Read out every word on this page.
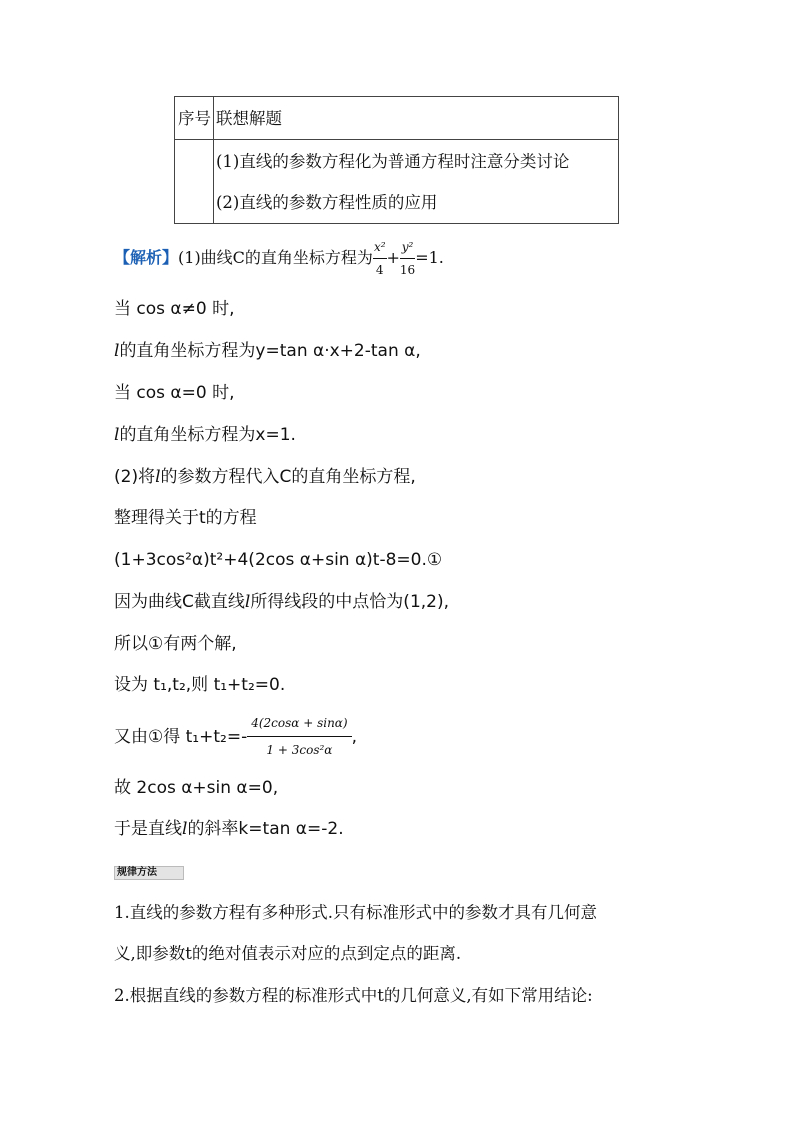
序号 联想解题
(1)直线的参数方程化为普通方程时注意分类讨论
(2)直线的参数方程性质的应用
【解析】(1)曲线C的直角坐标方程为 $\frac{\text{x²}}{4} + \frac{\text{y²}}{16} =1$.
当 cos α≠0 时,
l的直角坐标方程为y=tan α·x+2-tan α,
当 cos α=0 时,
l的直角坐标方程为x=1.
(2)将l的参数方程代入C的直角坐标方程,
整理得关于t的方程
(1+3cos²α)t²+4(2cos α+sin α)t-8=0.①
因为曲线C截直线l所得线段的中点恰为(1,2),
所以①有两个解,
设为 t₁,t₂,则 t₁+t₂=0.
又由①得 $t_1+t_2=- \frac{4(2\cos\alpha + \sin\alpha)}{\text{1 + 3cos²α}}$ ,
故 2cos α+sin α=0,
于是直线l的斜率k=tan α=-2.
规律方法
1.直线的参数方程有多种形式.只有标准形式中的参数才具有几何意
义,即参数t的绝对值表示对应的点到定点的距离.
2.根据直线的参数方程的标准形式中t的几何意义,有如下常用结论:
